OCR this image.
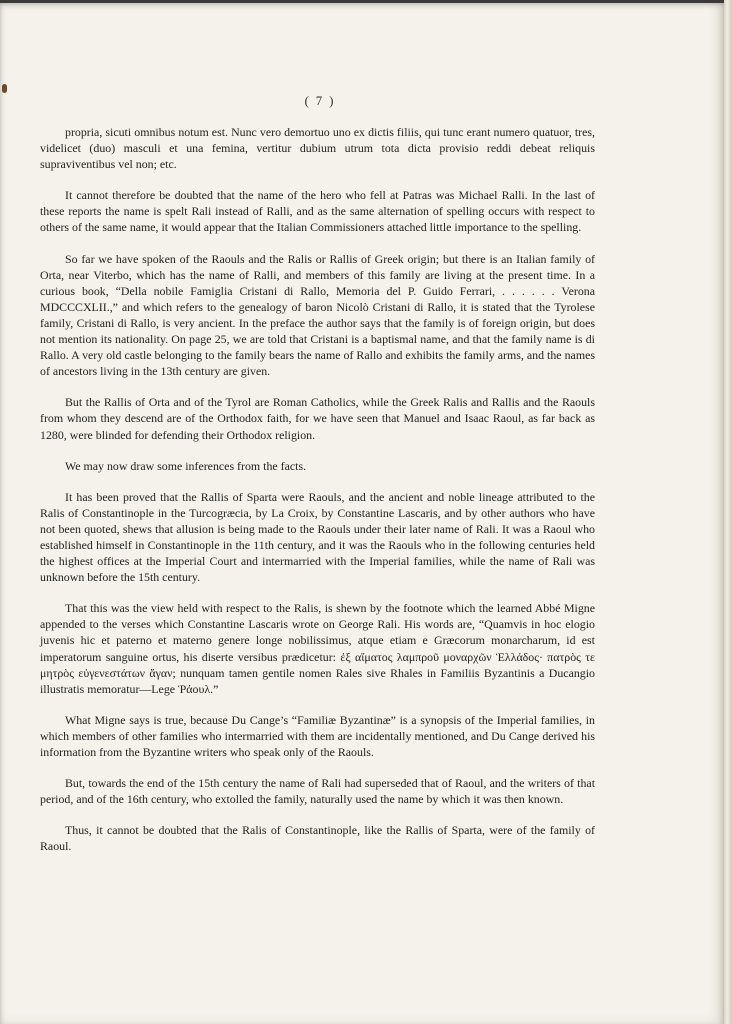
( 7 )

propria, sicuti omnibus notum est. Nunc vero demortuo uno ex dictis filiis, qui tunc erant numero quatuor, tres, videlicet (duo) masculi et una femina, vertitur dubium utrum tota dicta provisio reddi debeat reliquis supraviventibus vel non; etc.

It cannot therefore be doubted that the name of the hero who fell at Patras was Michael Ralli. In the last of these reports the name is spelt Rali instead of Ralli, and as the same alternation of spelling occurs with respect to others of the same name, it would appear that the Italian Commissioners attached little importance to the spelling.

So far we have spoken of the Raouls and the Ralis or Rallis of Greek origin; but there is an Italian family of Orta, near Viterbo, which has the name of Ralli, and members of this family are living at the present time. In a curious book, “Della nobile Famiglia Cristani di Rallo, Memoria del P. Guido Ferrari, . . . . . . Verona MDCCCXLII.,” and which refers to the genealogy of baron Nicolò Cristani di Rallo, it is stated that the Tyrolese family, Cristani di Rallo, is very ancient. In the preface the author says that the family is of foreign origin, but does not mention its nationality. On page 25, we are told that Cristani is a baptismal name, and that the family name is di Rallo. A very old castle belonging to the family bears the name of Rallo and exhibits the family arms, and the names of ancestors living in the 13th century are given.

But the Rallis of Orta and of the Tyrol are Roman Catholics, while the Greek Ralis and Rallis and the Raouls from whom they descend are of the Orthodox faith, for we have seen that Manuel and Isaac Raoul, as far back as 1280, were blinded for defending their Orthodox religion.

We may now draw some inferences from the facts.

It has been proved that the Rallis of Sparta were Raouls, and the ancient and noble lineage attributed to the Ralis of Constantinople in the Turcogræcia, by La Croix, by Constantine Lascaris, and by other authors who have not been quoted, shews that allusion is being made to the Raouls under their later name of Rali. It was a Raoul who established himself in Constantinople in the 11th century, and it was the Raouls who in the following centuries held the highest offices at the Imperial Court and intermarried with the Imperial families, while the name of Rali was unknown before the 15th century.

That this was the view held with respect to the Ralis, is shewn by the footnote which the learned Abbé Migne appended to the verses which Constantine Lascaris wrote on George Rali. His words are, “Quamvis in hoc elogio juvenis hic et paterno et materno genere longe nobilissimus, atque etiam e Græcorum monarcharum, id est imperatorum sanguine ortus, his diserte versibus prædicetur: ἐξ αἵματος λαμπροῦ μοναρχῶν Ἑλλάδος· πατρὸς τε μητρὸς εὐγενεστάτων ἄγαν; nunquam tamen gentile nomen Rales sive Rhales in Familiis Byzantinis a Ducangio illustratis memoratur—Lege Ῥάουλ.”

What Migne says is true, because Du Cange’s “Familiæ Byzantinæ” is a synopsis of the Imperial families, in which members of other families who intermarried with them are incidentally mentioned, and Du Cange derived his information from the Byzantine writers who speak only of the Raouls.

But, towards the end of the 15th century the name of Rali had superseded that of Raoul, and the writers of that period, and of the 16th century, who extolled the family, naturally used the name by which it was then known.

Thus, it cannot be doubted that the Ralis of Constantinople, like the Rallis of Sparta, were of the family of Raoul.
